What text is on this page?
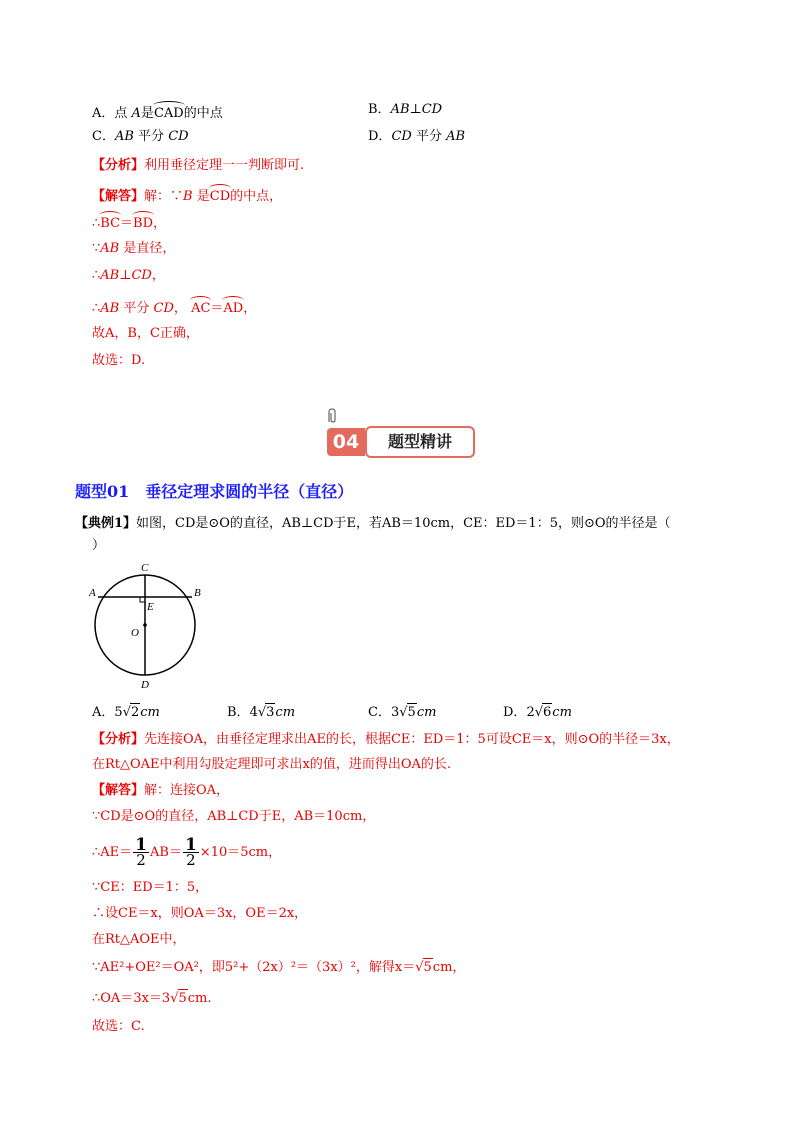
A．点 A是CAD的中点	B．AB⊥CD
C．AB 平分 CD	D．CD 平分 AB
【分析】利用垂径定理一一判断即可.
【解答】解：∵B 是CD的中点，
∴BC＝BD，
∵AB 是直径，
∴AB⊥CD，
∴AB 平分 CD， AC＝AD，
故A，B，C正确，
故选：D.
04	题型精讲
题型01　垂径定理求圆的半径（直径）
【典例1】如图，CD是⊙O的直径，AB⊥CD于E，若AB＝10cm，CE：ED＝1：5，则⊙O的半径是（
）
C
A	B
E
O
D
A．5√2cm	B．4√3cm	C．3√5cm	D．2√6cm
【分析】先连接OA，由垂径定理求出AE的长，根据CE：ED＝1：5可设CE＝x，则⊙O的半径＝3x，
在Rt△OAE中利用勾股定理即可求出x的值，进而得出OA的长.
【解答】解：连接OA，
∵CD是⊙O的直径，AB⊥CD于E，AB＝10cm，
∴AE＝ $\frac{1}{2} AB= \frac{1}{2} \times 10=5cm$，
∵CE：ED＝1：5，
∴设CE＝x，则OA＝3x，OE＝2x，
在Rt△AOE中，
∵AE²+OE²＝OA²，即5²+（2x）²＝（3x）²，解得x＝√5cm，
∴OA＝3x＝3√5cm.
故选：C.
